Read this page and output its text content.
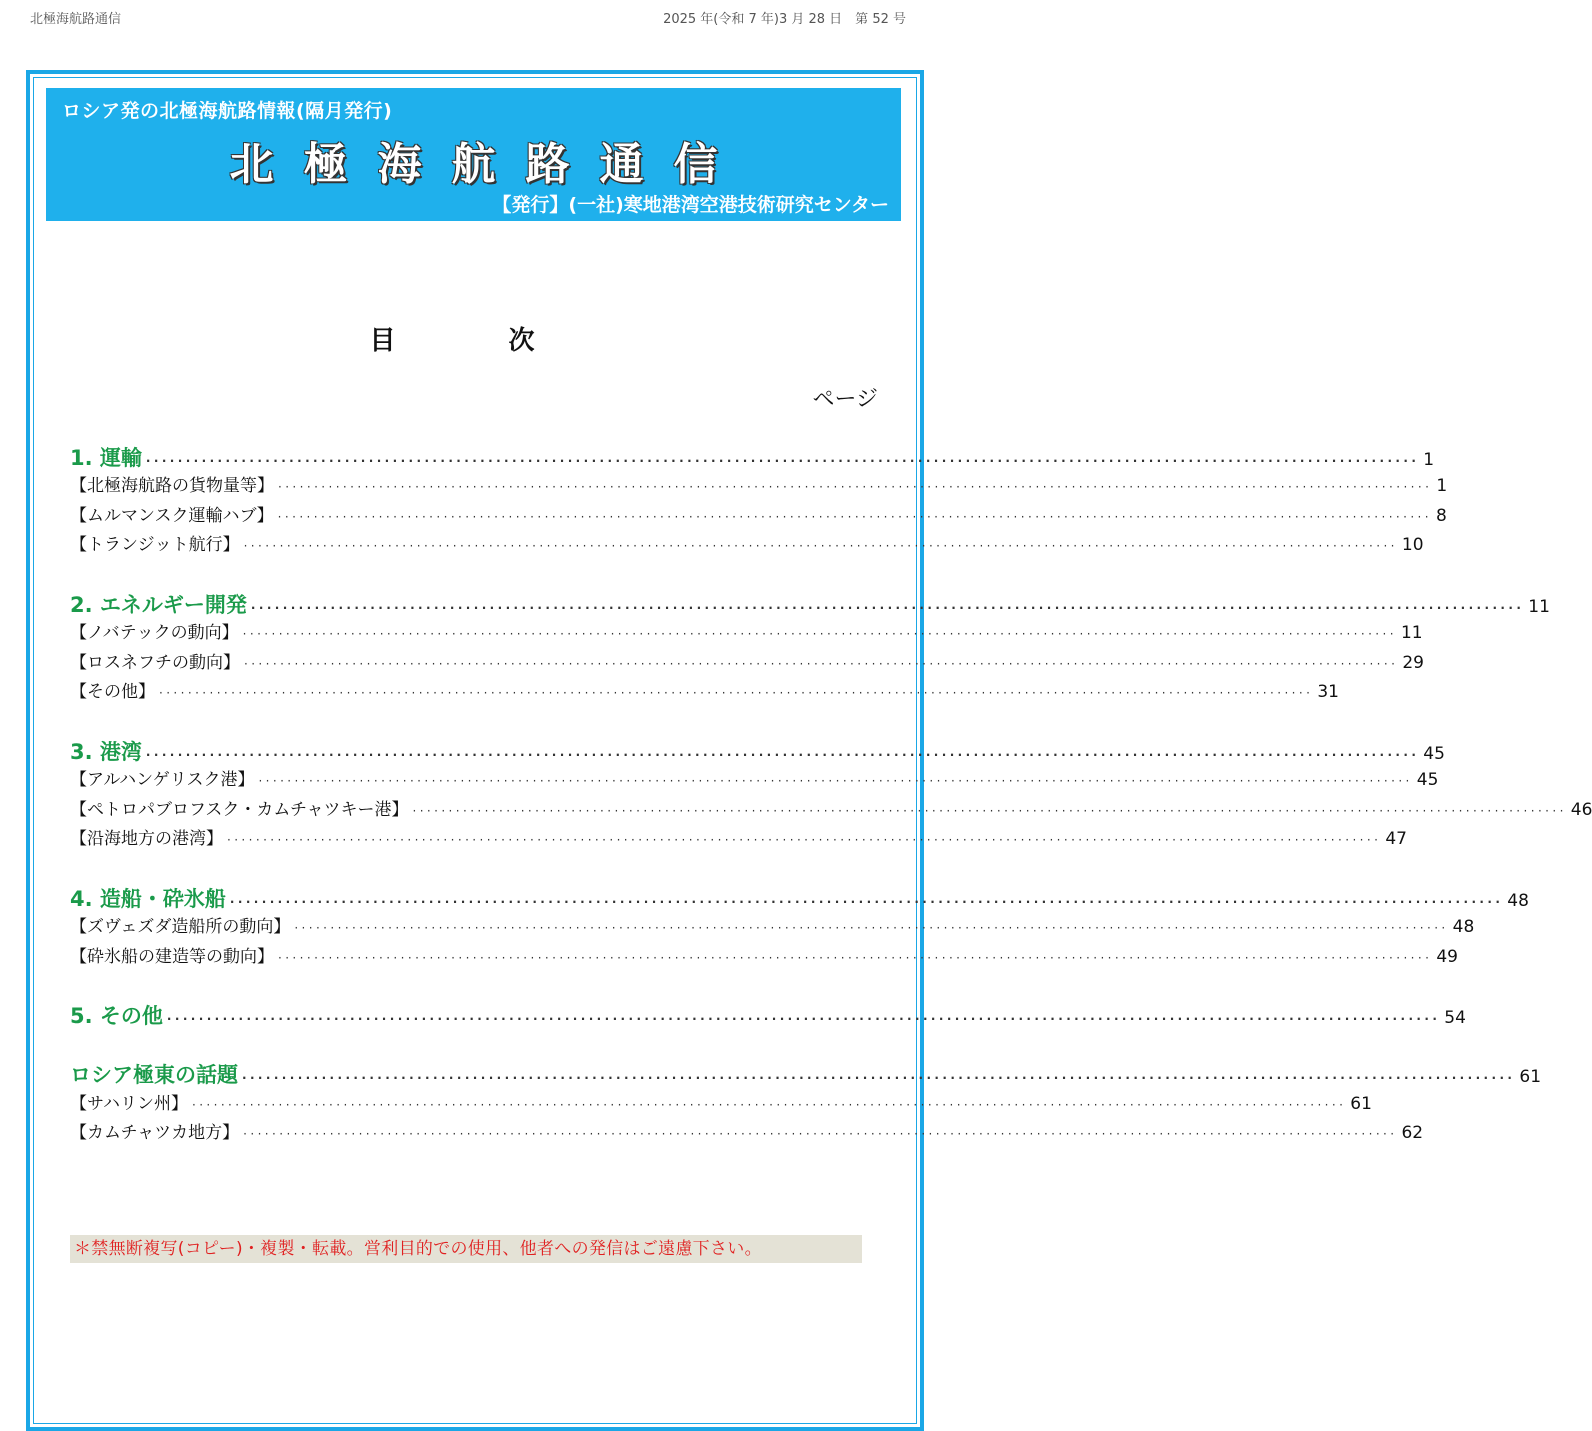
北極海航路通信	2025 年(令和 7 年)3 月 28 日　第 52 号
ロシア発の北極海航路情報(隔月発行)
北極海航路通信
【発行】(一社)寒地港湾空港技術研究センター
目 次
ページ
1. 運輸 ································································································································································ 1
【北極海航路の貨物量等】 ································································································································································ 1
【ムルマンスク運輸ハブ】 ································································································································································ 8
【トランジット航行】 ································································································································································ 10
2. エネルギー開発 ································································································································································ 11
【ノバテックの動向】 ································································································································································ 11
【ロスネフチの動向】 ································································································································································ 29
【その他】 ································································································································································ 31
3. 港湾 ································································································································································ 45
【アルハンゲリスク港】 ································································································································································ 45
【ペトロパブロフスク・カムチャツキー港】 ································································································································································ 46
【沿海地方の港湾】 ································································································································································ 47
4. 造船・砕氷船 ································································································································································ 48
【ズヴェズダ造船所の動向】 ································································································································································ 48
【砕氷船の建造等の動向】 ································································································································································ 49
5. その他 ································································································································································ 54
ロシア極東の話題 ································································································································································ 61
【サハリン州】 ································································································································································ 61
【カムチャツカ地方】 ································································································································································ 62
＊禁無断複写(コピー)・複製・転載。営利目的での使用、他者への発信はご遠慮下さい。
